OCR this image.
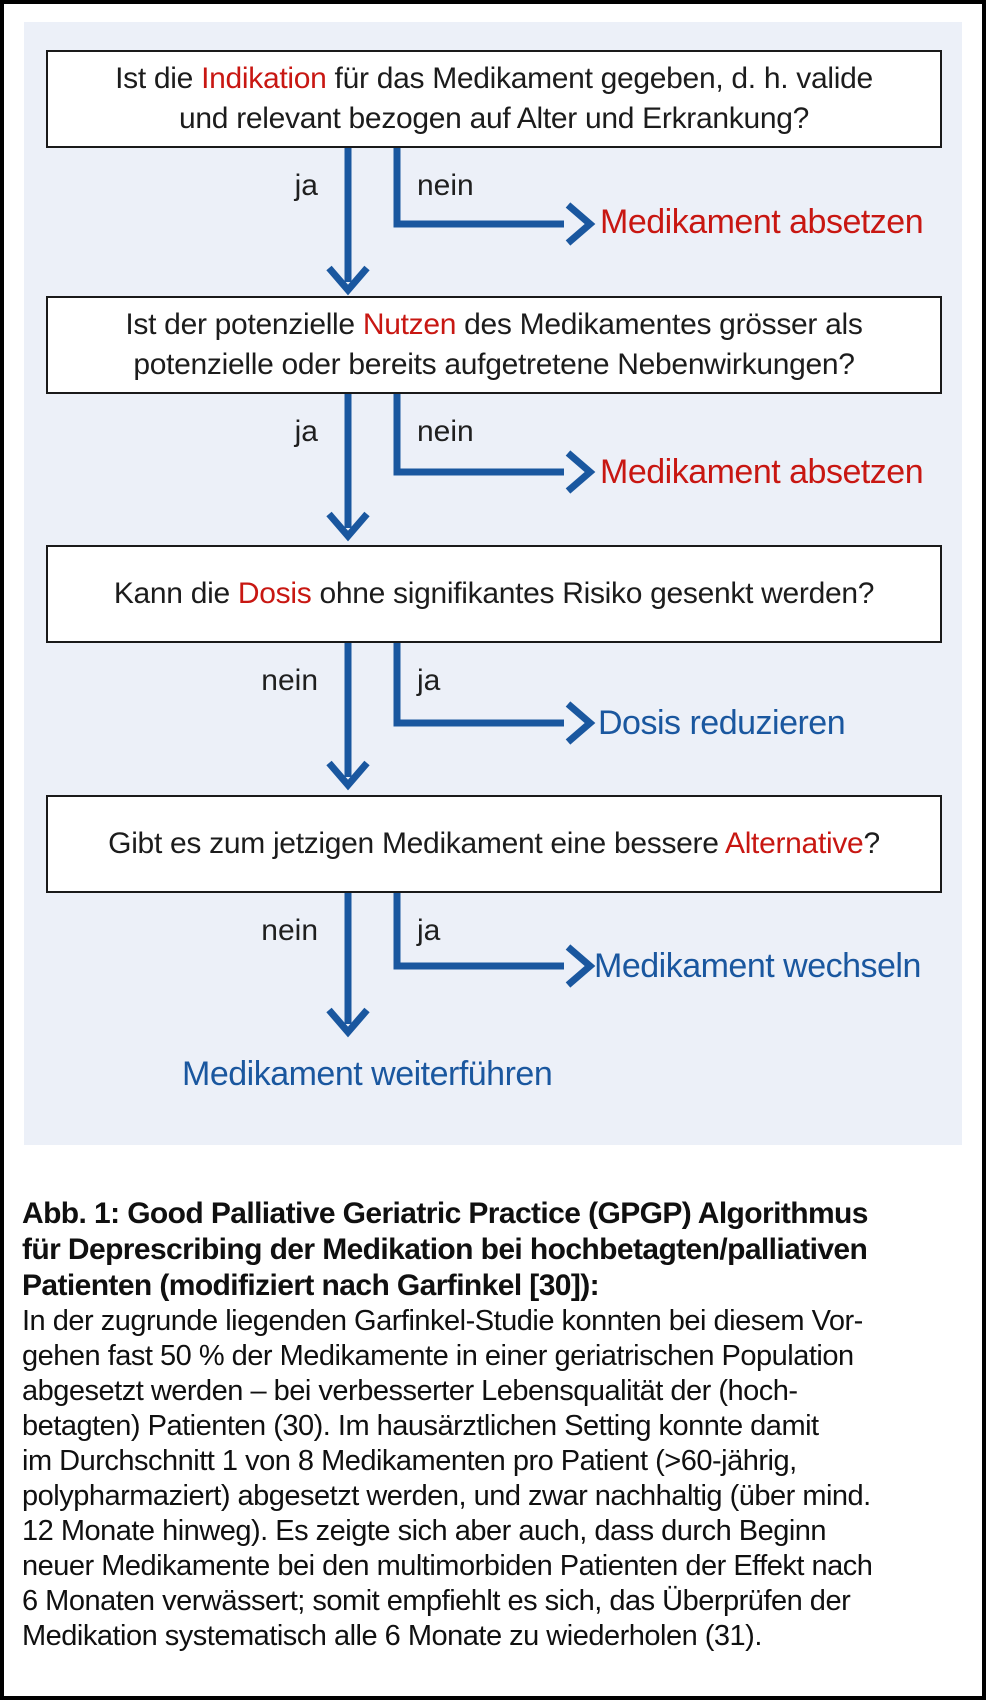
Ist die Indikation für das Medikament gegeben, d. h. valide
und relevant bezogen auf Alter und Erkrankung?
Ist der potenzielle Nutzen des Medikamentes grösser als
potenzielle oder bereits aufgetretene Nebenwirkungen?
Kann die Dosis ohne signifikantes Risiko gesenkt werden?
Gibt es zum jetzigen Medikament eine bessere Alternative?
ja	nein
ja	nein
nein	ja
nein	ja
Medikament absetzen
Medikament absetzen
Dosis reduzieren
Medikament wechseln
Medikament weiterführen
Abb. 1: Good Palliative Geriatric Practice (GPGP) Algorithmus
für Deprescribing der Medikation bei hochbetagten/palliativen
Patienten (modifiziert nach Garfinkel [30]):
In der zugrunde liegenden Garfinkel-Studie konnten bei diesem Vor-
gehen fast 50 % der Medikamente in einer geriatrischen Population
abgesetzt werden – bei verbesserter Lebensqualität der (hoch-
betagten) Patienten (30). Im hausärztlichen Setting konnte damit
im Durchschnitt 1 von 8 Medikamenten pro Patient (>60-jährig,
polypharmaziert) abgesetzt werden, und zwar nachhaltig (über mind.
12 Monate hinweg). Es zeigte sich aber auch, dass durch Beginn
neuer Medikamente bei den multimorbiden Patienten der Effekt nach
6 Monaten verwässert; somit empfiehlt es sich, das Überprüfen der
Medikation systematisch alle 6 Monate zu wiederholen (31).
